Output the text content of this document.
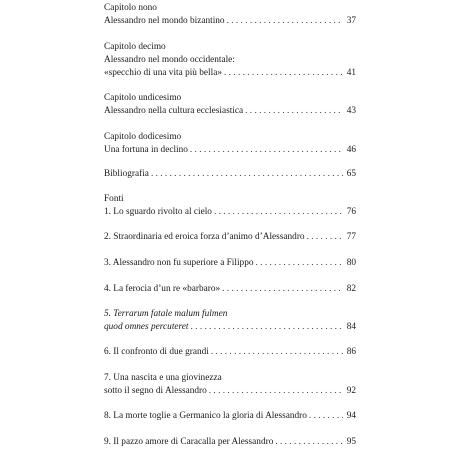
Capitolo nono
Alessandro nel mondo bizantino . . .	37
Capitolo decimo
Alessandro nel mondo occidentale:
«specchio di una vita più bella» . . .	41
Capitolo undicesimo
Alessandro nella cultura ecclesiastica . . .	43
Capitolo dodicesimo
Una fortuna in declino . . .	46
Bibliografia . . .	65
Fonti
1. Lo sguardo rivolto al cielo . . .	76
2. Straordinaria ed eroica forza d’animo d’Alessandro . . .	77
3. Alessandro non fu superiore a Filippo . . .	80
4. La ferocia d’un re «barbaro» . . .	82
5. Terrarum fatale malum fulmen
quod omnes percuteret . . .	84
6. Il confronto di due grandi . . .	86
7. Una nascita e una giovinezza
sotto il segno di Alessandro . . .	92
8. La morte toglie a Germanico la gloria di Alessandro . . .	94
9. Il pazzo amore di Caracalla per Alessandro . . .	95
